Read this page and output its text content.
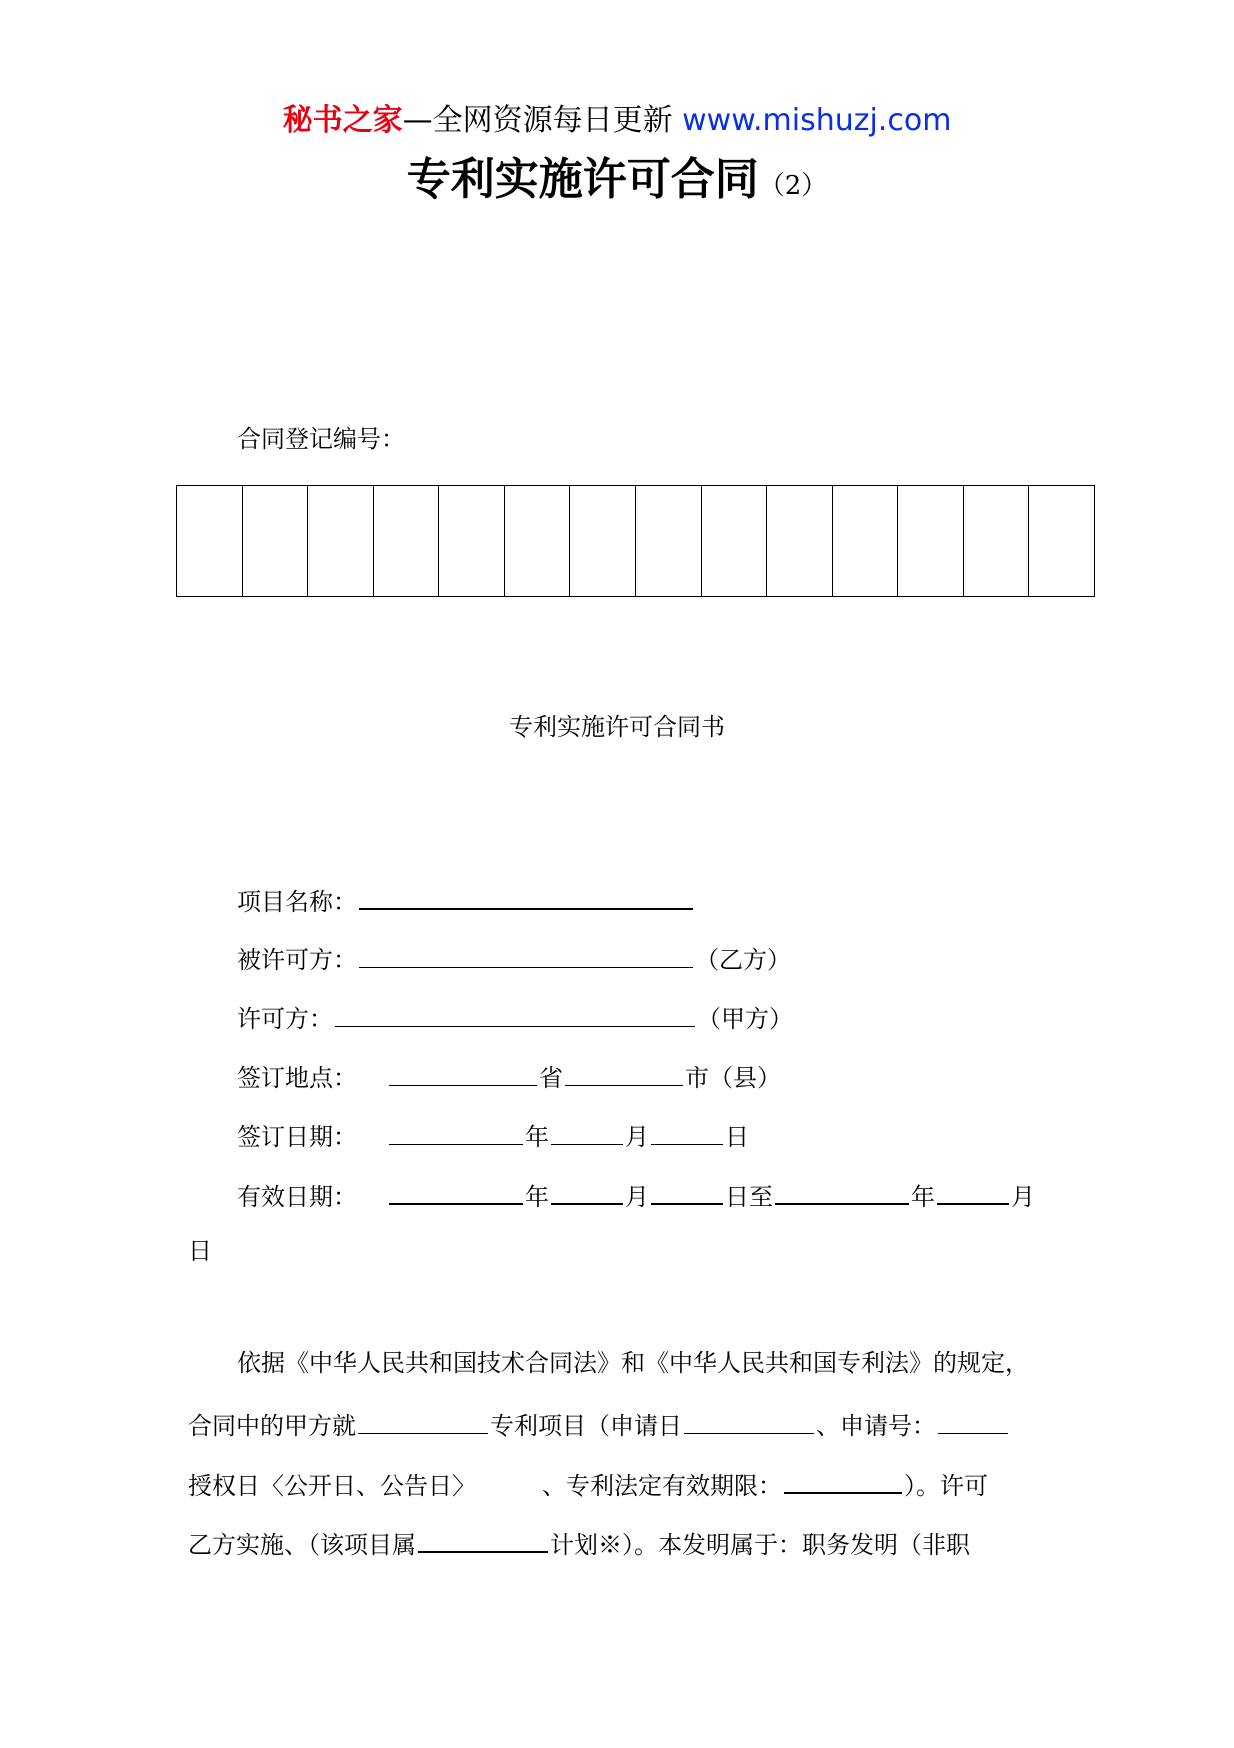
秘书之家—全网资源每日更新 www.mishuzj.com
专利实施许可合同（2）
合同登记编号：

专利实施许可合同书
项目名称：
被许可方：	（乙方）
许可方：	（甲方）
签订地点：	省	市（县）
签订日期：	年	月	日
有效日期：	年	月	日至	年	月
日
依据《中华人民共和国技术合同法》和《中华人民共和国专利法》的规定，
合同中的甲方就	专利项目（申请日	、申请号：
授权日〈公开日、公告日〉	、专利法定有效期限：	）。许可
乙方实施、（该项目属	计划※）。本发明属于：职务发明（非职
